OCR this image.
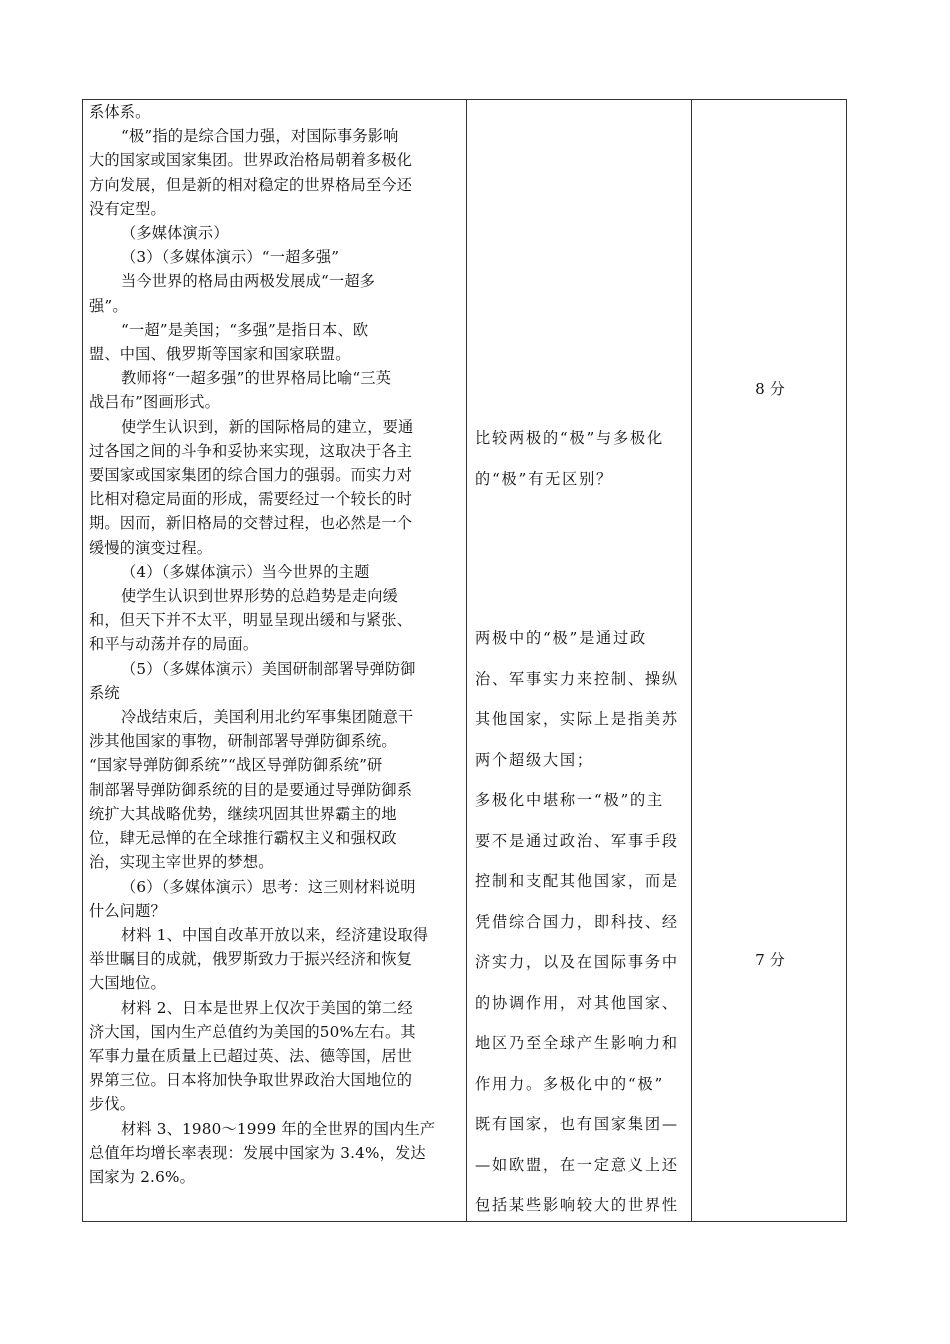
系体系。

“极”指的是综合国力强，对国际事务影响

大的国家或国家集团。世界政治格局朝着多极化

方向发展，但是新的相对稳定的世界格局至今还

没有定型。

（多媒体演示）

（3）（多媒体演示）“一超多强”

当今世界的格局由两极发展成“一超多

强”。

“一超”是美国；“多强”是指日本、欧

盟、中国、俄罗斯等国家和国家联盟。

教师将“一超多强”的世界格局比喻“三英

战吕布”图画形式。

使学生认识到，新的国际格局的建立，要通

过各国之间的斗争和妥协来实现，这取决于各主

要国家或国家集团的综合国力的强弱。而实力对

比相对稳定局面的形成，需要经过一个较长的时

期。因而，新旧格局的交替过程，也必然是一个

缓慢的演变过程。

（4）（多媒体演示）当今世界的主题

使学生认识到世界形势的总趋势是走向缓

和，但天下并不太平，明显呈现出缓和与紧张、

和平与动荡并存的局面。

（5）（多媒体演示）美国研制部署导弹防御

系统

冷战结束后，美国利用北约军事集团随意干

涉其他国家的事物，研制部署导弹防御系统。

“国家导弹防御系统”“战区导弹防御系统”研

制部署导弹防御系统的目的是要通过导弹防御系

统扩大其战略优势，继续巩固其世界霸主的地

位，肆无忌惮的在全球推行霸权主义和强权政

治，实现主宰世界的梦想。

（6）（多媒体演示）思考：这三则材料说明

什么问题？

材料 1、中国自改革开放以来，经济建设取得

举世瞩目的成就，俄罗斯致力于振兴经济和恢复

大国地位。

材料 2、日本是世界上仅次于美国的第二经

济大国，国内生产总值约为美国的50%左右。其

军事力量在质量上已超过英、法、德等国，居世

界第三位。日本将加快争取世界政治大国地位的

步伐。

材料 3、1980～1999 年的全世界的国内生产

总值年均增长率表现：发展中国家为 3.4%，发达

国家为 2.6%。

比较两极的“极”与多极化

的“极”有无区别？

两极中的“极”是通过政

治、军事实力来控制、操纵

其他国家，实际上是指美苏

两个超级大国；

多极化中堪称一“极”的主

要不是通过政治、军事手段

控制和支配其他国家，而是

凭借综合国力，即科技、经

济实力，以及在国际事务中

的协调作用，对其他国家、

地区乃至全球产生影响力和

作用力。多极化中的“极”

既有国家，也有国家集团—

—如欧盟，在一定意义上还

包括某些影响较大的世界性

8 分

7 分
